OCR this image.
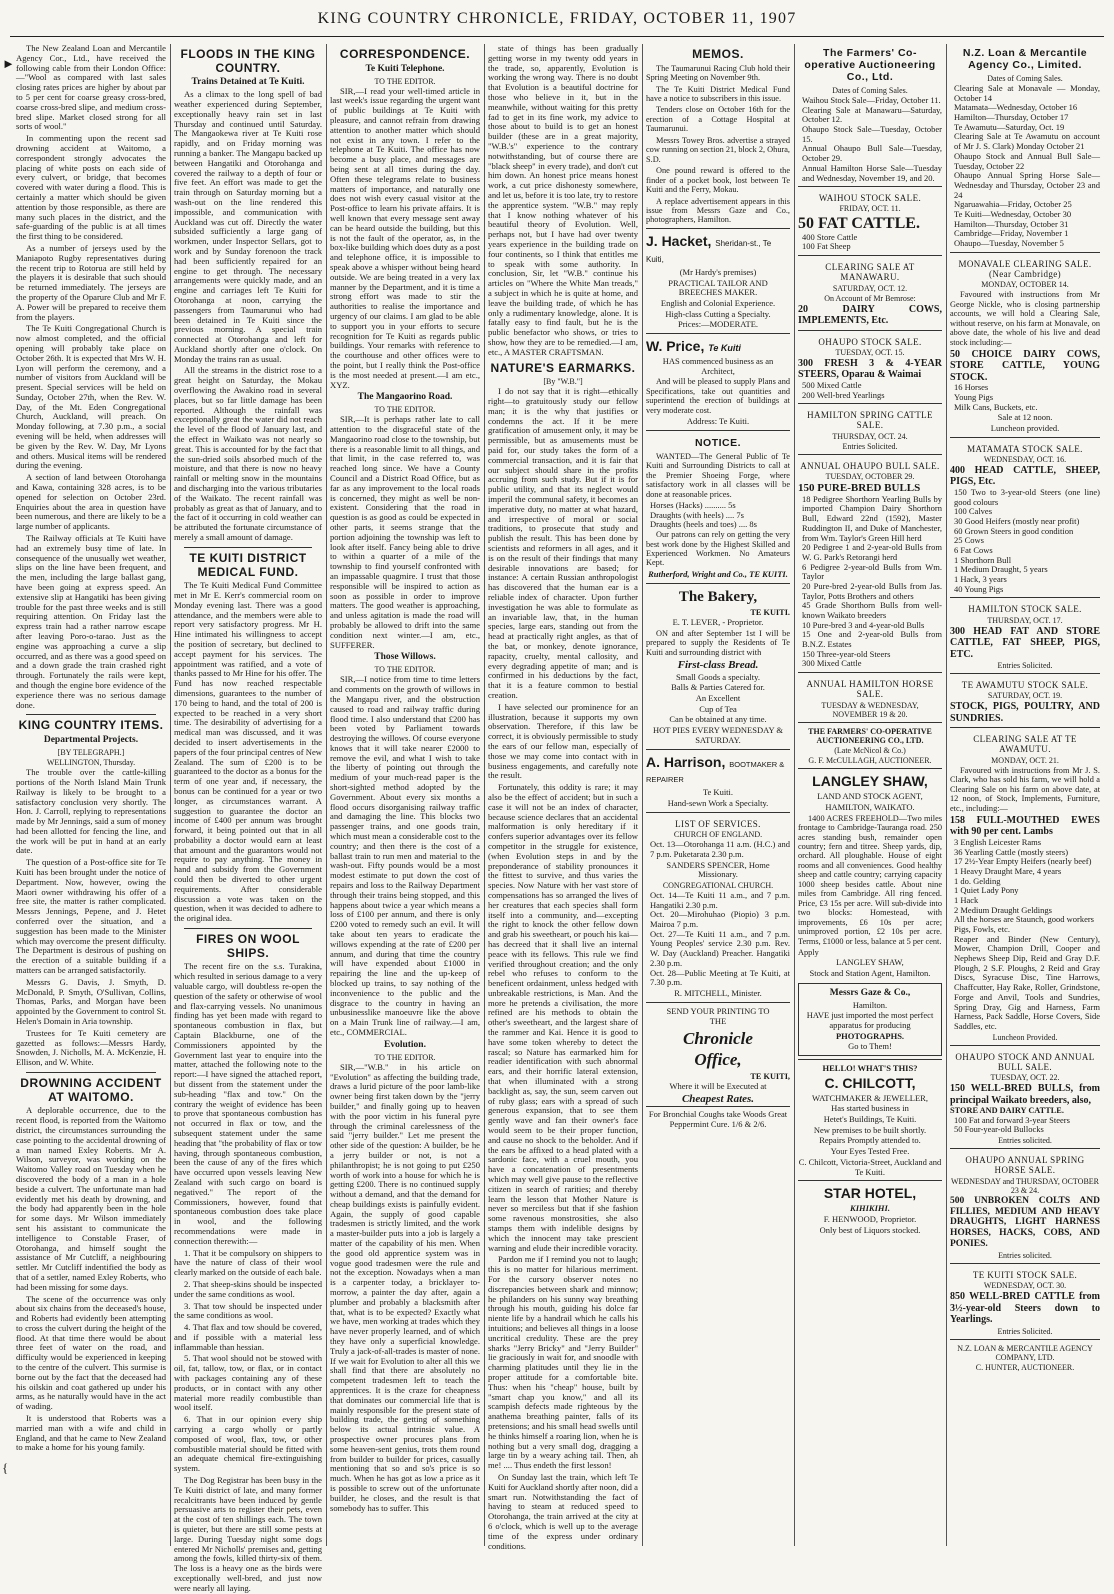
KING COUNTRY CHRONICLE, FRIDAY, OCTOBER 11, 1907
►
{

The New Zealand Loan and Mercantile Agency Cor., Ltd., have received the following cable from their London Office:—"Wool as compared with last sales closing rates prices are higher by about par to 5 per cent for coarse greasy cross-bred, coarse cross-bred slipe, and medium cross-bred slipe. Market closed strong for all sorts of wool."

In commenting upon the recent sad drowning accident at Waitomo, a correspondent strongly advocates the placing of white posts on each side of every culvert, or bridge, that becomes covered with water during a flood. This is certainly a matter which should be given attention by those responsible, as there are many such places in the district, and the safe-guarding of the public is at all times the first thing to be considered.

As a number of jerseys used by the Maniapoto Rugby representatives during the recent trip to Rotorua are still held by the players it is desirable that such should be returned immediately. The jerseys are the property of the Oparure Club and Mr F. A. Power will be prepared to receive them from the players.

The Te Kuiti Congregational Church is now almost completed, and the official opening will probably take place on October 26th. It is expected that Mrs W. H. Lyon will perform the ceremony, and a number of visitors from Auckland will be present. Special services will be held on Sunday, October 27th, when the Rev. W. Day, of the Mt. Eden Congregational Church, Auckland, will preach. On Monday following, at 7.30 p.m., a social evening will be held, when addresses will be given by the Rev. W. Day, Mr Lyons and others. Musical items will be rendered during the evening.

A section of land between Otorohanga and Kawa, containing 328 acres, is to be opened for selection on October 23rd. Enquiries about the area in question have been numerous, and there are likely to be a large number of applicants.

The Railway officials at Te Kuiti have had an extremely busy time of late. In consequence of the unusually wet weather, slips on the line have been frequent, and the men, including the large ballast gang, have been going at express speed. An extensive slip at Hangatiki has been giving trouble for the past three weeks and is still requiring attention. On Friday last the express train had a rather narrow escape after leaving Poro-o-tarao. Just as the engine was approaching a curve a slip occurred, and as there was a good speed on and a down grade the train crashed right through. Fortunately the rails were kept, and though the engine bore evidence of the experience there was no serious damage done.

KING COUNTRY ITEMS.
Departmental Projects.
[BY TELEGRAPH.]
WELLINGTON, Thursday.

The trouble over the cattle-killing portions of the North Island Main Trunk Railway is likely to be brought to a satisfactory conclusion very shortly. The Hon. J. Carroll, replying to representations made by Mr Jennings, said a sum of money had been allotted for fencing the line, and the work will be put in hand at an early date.

The question of a Post-office site for Te Kuiti has been brought under the notice of Department. Now, however, owing the Maori owner withdrawing his offer of a free site, the matter is rather complicated. Messrs Jennings, Pepene, and J. Hetet conferred over the situation, and a suggestion has been made to the Minister which may overcome the present difficulty. The Department is desirous of pushing on the erection of a suitable building if a matters can be arranged satisfactorily.

Messrs G. Davis, J. Smyth, D. McDonald, P. Smyth, O'Sullivan, Collins, Thomas, Parks, and Morgan have been appointed by the Government to control St. Helen's Domain in Aria township.

Trustees for Te Kuiti cemetery are gazetted as follows:—Messrs Hardy, Snowden, J. Nicholls, M. A. McKenzie, H. Ellison, and W. White.

DROWNING ACCIDENT AT WAITOMO.

A deplorable occurrence, due to the recent flood, is reported from the Waitomo district, the circumstances surrounding the case pointing to the accidental drowning of a man named Exley Roberts. Mr A. Wilson, surveyor, was working on the Waitomo Valley road on Tuesday when he discovered the body of a man in a hole beside a culvert. The unfortunate man had evidently met his death by drowning, and the body had apparently been in the hole for some days. Mr Wilson immediately sent his assistant to communicate the intelligence to Constable Fraser, of Otorohanga, and himself sought the assistance of Mr Cutcliff, a neighbouring settler. Mr Cutcliff indentified the body as that of a settler, named Exley Roberts, who had been missing for some days.

The scene of the occurrence was only about six chains from the deceased's house, and Roberts had evidently been attempting to cross the culvert during the height of the flood. At that time there would be about three feet of water on the road, and difficulty would be experienced in keeping to the centre of the culvert. This surmise is borne out by the fact that the deceased had his oilskin and coat gathered up under his arms, as he naturally would have in the act of wading.

It is understood that Roberts was a married man with a wife and child in England, and that he came to New Zealand to make a home for his young family.

FLOODS IN THE KING COUNTRY.
Trains Detained at Te Kuiti.

As a climax to the long spell of bad weather experienced during September, exceptionally heavy rain set in last Thursday and continued until Saturday. The Mangaokewa river at Te Kuiti rose rapidly, and on Friday morning was running a banker. The Mangapu backed up between Hangatiki and Otorohanga and covered the railway to a depth of four or five feet. An effort was made to get the train through on Saturday morning but a wash-out on the line rendered this impossible, and communication with Auckland was cut off. Directly the water subsided sufficiently a large gang of workmen, under Inspector Sellars, got to work and by Sunday forenoon the track had been sufficiently repaired for an engine to get through. The necessary arrangements were quickly made, and an engine and carriages left Te Kuiti for Otorohanga at noon, carrying the passengers from Taumarunui who had been detained in Te Kuiti since the previous morning. A special train connected at Otorohanga and left for Auckland shortly after one o'clock. On Monday the trains ran as usual.

All the streams in the district rose to a great height on Saturday, the Mokau overflowing the Awakino road in several places, but so far little damage has been reported. Although the rainfall was exceptionally great the water did not reach the level of the flood of January last, and the effect in Waikato was not nearly so great. This is accounted for by the fact that the sun-dried soils absorbed much of the moisture, and that there is now no heavy rainfall or melting snow in the mountains and discharging into the various tributaries of the Waikato. The recent rainfall was probably as great as that of January, and to the fact of it occurring in cold weather can be attributed the fortunate circumstance of merely a small amount of damage.

TE KUITI DISTRICT MEDICAL FUND.

The Te Kuiti Medical Fund Committee met in Mr E. Kerr's commercial room on Monday evening last. There was a good attendance, and the members were able to report very satisfactory progress. Mr H. Hine intimated his willingness to accept the position of secretary, but declined to accept payment for his services. The appointment was ratified, and a vote of thanks passed to Mr Hine for his offer. The Fund has now reached respectable dimensions, guarantees to the number of 170 being to hand, and the total of 200 is expected to be reached in a very short time. The desirability of advertising for a medical man was discussed, and it was decided to insert advertisements in the papers of the four principal centres of New Zealand. The sum of £200 is to be guaranteed to the doctor as a bonus for the term of one year and, if necessary, the bonus can be continued for a year or two longer, as circumstances warrant. A suggestion to guarantee the doctor an income of £400 per annum was brought forward, it being pointed out that in all probability a doctor would earn at least that amount and the guarantors would not require to pay anything. The money in hand and subsidy from the Government could then be diverted to other urgent requirements. After considerable discussion a vote was taken on the question, when it was decided to adhere to the original idea.

FIRES ON WOOL SHIPS.

The recent fire on the s.s. Turakina, which resulted in serious damage to a very valuable cargo, will doubtless re-open the question of the safety or otherwise of wool and flax-carrying vessels. No unanimous finding has yet been made with regard to spontaneous combustion in flax, but Captain Blackburne, one of the Commissioners appointed by the Government last year to enquire into the matter, attached the following note to the report:—I have signed the attached report, but dissent from the statement under the sub-heading "flax and tow." On the contrary the weight of evidence has been to prove that spontaneous combustion has not occurred in flax or tow, and the subsequent statement under the same heading that "the probability of flax or tow having, through spontaneous combustion, been the cause of any of the fires which have occurred upon vessels leaving New Zealand with such cargo on board is negatived." The report of the Commissioners, however, found that spontaneous combustion does take place in wool, and the following recommendations were made in connection therewith:—

1. That it be compulsory on shippers to have the nature of class of their wool clearly marked on the outside of each bale.

2. That sheep-skins should be inspected under the same conditions as wool.

3. That tow should be inspected under the same conditions as wool.

4. That flax and tow should be covered, and if possible with a material less inflammable than hessian.

5. That wool should not be stowed with oil, fat, tallow, tow, or flax, or in contact with packages containing any of these products, or in contact with any other material more readily combustible than wool itself.

6. That in our opinion every ship carrying a cargo wholly or partly composed of wool, flax, tow, or other combustible material should be fitted with an adequate chemical fire-extinguishing system.

The Dog Registrar has been busy in the Te Kuiti district of late, and many former recalcitrants have been induced by gentle persuasive arts to register their pets, even at the cost of ten shillings each. The town is quieter, but there are still some pests at large. During Tuesday night some dogs entered Mr Nicholls' premises and, getting among the fowls, killed thirty-six of them. The loss is a heavy one as the birds were exceptionally well-bred, and just now were nearly all laying.

CORRESPONDENCE.
Te Kuiti Telephone.
TO THE EDITOR.

SIR,—I read your well-timed article in last week's issue regarding the urgent want of public buildings at Te Kuiti with pleasure, and cannot refrain from drawing attention to another matter which should not exist in any town. I refer to the telephone at Te Kuiti. The office has now become a busy place, and messages are being sent at all times during the day. Often these telegrams relate to business matters of importance, and naturally one does not wish every casual visitor at the Post-office to learn his private affairs. It is well known that every message sent away can be heard outside the building, but this is not the fault of the operator, as, in the box-like building which does duty as a post and telephone office, it is impossible to speak above a whisper without being heard outside. We are being treated in a very lax manner by the Department, and it is time a strong effort was made to stir the authorities to realise the importance and urgency of our claims. I am glad to be able to support you in your efforts to secure recognition for Te Kuiti as regards public buildings. Your remarks with reference to the courthouse and other offices were to the point, but I really think the Post-office is the most needed at present.—I am etc., XYZ.

The Mangaorino Road.
TO THE EDITOR.

SIR,—It is perhaps rather late to call attention to the disgraceful state of the Mangaorino road close to the township, but there is a reasonable limit to all things, and that limit, in the case referred to, was reached long since. We have a County Council and a District Road Office, but as far as any improvement to the local roads is concerned, they might as well be non-existent. Considering that the road in question is as good as could be expected in other parts, it seems strange that the portion adjoining the township was left to look after itself. Fancy being able to drive to within a quarter of a mile of the township to find yourself confronted with an impassable quagmire. I trust that those responsible will be inspired to action as soon as possible in order to improve matters. The good weather is approaching, and unless agitation is made the road will probably be allowed to drift into the same condition next winter.—I am, etc., SUFFERER.

Those Willows.
TO THE EDITOR.

SIR,—I notice from time to time letters and comments on the growth of willows in the Mangapu river, and the obstruction caused to road and railway traffic during flood time. I also understand that £200 has been voted by Parliament towards destroying the willows. Of course everyone knows that it will take nearer £2000 to remove the evil, and what I wish to take the liberty of pointing out through the medium of your much-read paper is the short-sighted method adopted by the Government. About every six months a flood occurs disorganising railway traffic and damaging the line. This blocks two passenger trains, and one goods train, which must mean a considerable cost to the country; and then there is the cost of a ballast train to run men and material to the wash-out. Fifty pounds would be a most modest estimate to put down the cost of repairs and loss to the Railway Department through their trains being stopped, and this happens about twice a year which means a loss of £100 per annum, and there is only £200 voted to remedy such an evil. It will take about ten years to eradicate the willows expending at the rate of £200 per annum, and during that time the country will have expended about £1000 in repairing the line and the up-keep of blocked up trains, to say nothing of the inconvenience to the public and the disgrace to the country in having an unbusinesslike manoeuvre like the above on a Main Trunk line of railway.—I am, etc., COMMERCIAL.

Evolution.
TO THE EDITOR.

SIR,—"W.B." in his article on "Evolution" as affecting the building trade, draws a lurid picture of the poor lamb-like owner being first taken down by the "jerry builder," and finally going up to heaven with the poor victim in his funeral pyre through the criminal carelessness of the said "jerry builder." Let me present the other side of the question: A builder, be he a jerry builder or not, is not a philanthropist; he is not going to put £250 worth of work into a house for which he is getting £200. There is no continued supply without a demand, and that the demand for cheap buildings exists is painfully evident. Again, the supply of good capable tradesmen is strictly limited, and the work a master-builder puts into a job is largely a matter of the capability of his men. When the good old apprentice system was in vogue good tradesmen were the rule and not the exception. Nowadays when a man is a carpenter today, a bricklayer to-morrow, a painter the day after, again a plumber and probably a blacksmith after that, what is to be expected? Exactly what we have, men working at trades which they have never properly learned, and of which they have only a superficial knowledge. Truly a jack-of-all-trades is master of none. If we wait for Evolution to alter all this we shall find that there are absolutely no competent tradesmen left to teach the apprentices. It is the craze for cheapness that dominates our commercial life that is mainly responsible for the present state of building trade, the getting of something below its actual intrinsic value. A prospective owner procures plans from some heaven-sent genius, trots them round from builder to builder for prices, casually mentioning that so and so's price is so much. When he has got as low a price as it is possible to screw out of the unfortunate builder, he closes, and the result is that somebody has to suffer. This

state of things has been gradually getting worse in my twenty odd years in the trade, so, apparently, Evolution is working the wrong way. There is no doubt that Evolution is a beautiful doctrine for those who believe in it, but in the meanwhile, without waiting for this pretty fad to get in its fine work, my advice to those about to build is to get an honest builder (these are in a great majority, "W.B.'s" experience to the contrary notwithstanding, but of course there are "black sheep" in every trade), and don't cut him down. An honest price means honest work, a cut price dishonesty somewhere, and let us, before it is too late, try to restore the apprentice system. "W.B." may reply that I know nothing whatever of his beautiful theory of Evolution. Well, perhaps not, but I have had over twenty years experience in the building trade on four continents, so I think that entitles me to speak with some authority. In conclusion, Sir, let "W.B." continue his articles on "Where the White Man treads," a subject in which he is quite at home, and leave the building trade, of which he has only a rudimentary knowledge, alone. It is fatally easy to find fault, but he is the public benefactor who shows, or tries to show, how they are to be remedied.—I am, etc., A MASTER CRAFTSMAN.

NATURE'S EARMARKS.
[By "W.B."]

I do not say that it is right—ethically right—to gratuitously study our fellow man; it is the why that justifies or condemns the act. If it be mere gratification of amusement only, it may be permissible, but as amusements must be paid for, our study takes the form of a commercial transaction, and it is fair that our subject should share in the profits accruing from such study. But if it is for public utility, and that its neglect would imperil the communal safety, it becomes an imperative duty, no matter at what hazard, and irrespective of moral or social traditions, to prosecute that study and publish the result. This has been done by scientists and reformers in all ages, and it is on the result of their findings that many desirable innovations are based; for instance: A certain Russian anthropologist has discovered that the human ear is a reliable index of character. Upon further investigation he was able to formulate as an invariable law, that, in the human species, large ears, standing out from the head at practically right angles, as that of the bat, or monkey, denote ignorance, rapacity, cruelty, mental callosity, and every degrading appetite of man; and is confirmed in his deductions by the fact, that it is a feature common to bestial creation.

I have selected our prominence for an illustration, because it supports my own observation. Therefore, if this law be correct, it is obviously permissible to study the ears of our fellow man, especially of those we may come into contact with in business engagements, and carefully note the result.

Fortunately, this oddity is rare; it may also be the effect of accident; but in such a case it will not be an index of character, because science declares that an accidental malformation is only hereditary if it confers superior advantages over its fellow competitor in the struggle for existence, (when Evolution steps in and by the preponderance of stability pronounces it the fittest to survive, and thus varies the species. Now Nature with her vast store of compensations has so arranged the lives of her creatures that each species shall form itself into a community, and—excepting the right to knock the other fellow down and grab his sweetheart, or pouch his kai—has decreed that it shall live an internal peace with its fellows. This rule we find verified throughout creation; and the only rebel who refuses to conform to the beneficent ordainment, unless hedged with unbreakable restrictions, is Man. And the more he pretends a civilisation, the more refined are his methods to obtain the other's sweetheart, and the largest share of the rammer and Kai. Hence it is good to have some token whereby to detect the rascal; so Nature has earmarked him for readier identification with such abnormal ears, and their horrific lateral extension, that when illuminated with a strong backlight as, say, the sun, seem carven out of ruby glass; ears with a spread of such generous expansion, that to see them gently wave and fan their owner's face would seem to be their proper function, and cause no shock to the beholder. And if the ears be affixed to a head plated with a sardonic face, with a cruel mouth, you have a concatenation of presentments which may well give pause to the reflective citizen in search of rarities; and thereby learn the lesson that Mother Nature is never so merciless but that if she fashion some ravenous monstrosities, she also stamps them with indelible designs by which the innocent may take prescient warning and elude their incredible voracity.

Pardon me if I remind you not to laugh; this is no matter for hilarious merriment. For the cursory observer notes no discrepancies between shark and minnow; he philanders on his sunny way breathing through his mouth, guiding his dolce far niente life by a handrail which he calls his intuitions; and believes all things in a loose uncritical credulity. These are the prey sharks "Jerry Bricky" and "Jerry Builder" lie graciously in wait for, and snoodle with charming platitudes until they lie in the proper attitude for a comfortable bite. Thus: when his "cheap" house, built by "smart chap you know," and all its scampish defects made righteous by the anathema breathing painter, falls of its pretensions; and his small head swells until he thinks himself a roaring lion, when he is nothing but a very small dog, dragging a large tin by a weary aching tail. Then, ah me! .... Thus endeth the first lesson!

On Sunday last the train, which left Te Kuiti for Auckland shortly after noon, did a smart run. Notwithstanding the fact of having to steam at reduced speed to Otorohanga, the train arrived at the city at 6 o'clock, which is well up to the average time of the express under ordinary conditions.

MEMOS.

The Taumarunui Racing Club hold their Spring Meeting on November 9th.

The Te Kuiti District Medical Fund have a notice to subscribers in this issue.

Tenders close on October 16th for the erection of a Cottage Hospital at Taumarunui.

Messrs Towey Bros. advertise a strayed cow running on section 21, block 2, Ohura, S.D.

One pound reward is offered to the finder of a pocket book, lost between Te Kuiti and the Ferry, Mokau.

A replace advertisement appears in this issue from Messrs Gaze and Co., photographers, Hamilton.

J. Hacket, Sheridan-st., Te Kuiti,
(Mr Hardy's premises)
PRACTICAL TAILOR AND BREECHES MAKER.
English and Colonial Experience.
High-class Cutting a Specialty.
Prices:—MODERATE.
W. Price, Te Kuiti
HAS commenced business as an Architect,

And will be pleased to supply Plans and Specifications, take out quantities and superintend the erection of buildings at very moderate cost.

Address: Te Kuiti.
NOTICE.

WANTED—The General Public of Te Kuiti and Surrounding Districts to call at the Premier Shoeing Forge, where satisfactory work in all classes will be done at reasonable prices.

Horses (Hacks) .......... 5s
Draughts (with heels) .... 7s
Draughts (heels and toes) .... 8s

Our patrons can rely on getting the very best work done by the Highest Skilled and Experienced Workmen. No Amateurs Kept.

Rutherford, Wright and Co., TE KUITI.
The Bakery,
TE KUITI.
E. T. LEVER, - Proprietor.

ON and after September 1st I will be prepared to supply the Residents of Te Kuiti and surrounding district with

First-class Bread.
Small Goods a specialty.
Balls & Parties Catered for.
An Excellent
Cup of Tea
Can be obtained at any time.
HOT PIES EVERY WEDNESDAY & SATURDAY.
A. Harrison, BOOTMAKER & REPAIRER
Te Kuiti.
Hand-sewn Work a Specialty.
LIST OF SERVICES.
CHURCH OF ENGLAND.
Oct. 13—Otorohanga 11 a.m. (H.C.) and 7 p.m. Puketarata 2.30 p.m.
SANDERS SPENCER, Home Missionary.
CONGREGATIONAL CHURCH.
Oct. 14—Te Kuiti 11 a.m., and 7 p.m. Hangatiki 2.30 p.m.
Oct. 20—Mirohuhao (Piopio) 3 p.m. Mairoa 7 p.m.
Oct. 27—Te Kuiti 11 a.m., and 7 p.m. Young Peoples' service 2.30 p.m. Rev. W. Day (Auckland) Preacher. Hangatiki 2.30 p.m.
Oct. 28—Public Meeting at Te Kuiti, at 7.30 p.m.
R. MITCHELL, Minister.
SEND YOUR PRINTING TO
THE
Chronicle
Office,
TE KUITI,
Where it will be Executed at
Cheapest Rates.
For Bronchial Coughs take Woods Great Peppermint Cure. 1/6 & 2/6.
The Farmers' Co-operative Auctioneering Co., Ltd.
Dates of Coming Sales.
Waihou Stock Sale—Friday, October 11.
Clearing Sale at Manawaru—Saturday, October 12.
Ohaupo Stock Sale—Tuesday, October 15.
Annual Ohaupo Bull Sale—Tuesday, October 29.
Annual Hamilton Horse Sale—Tuesday and Wednesday, November 19, and 20.
WAIHOU STOCK SALE.
FRIDAY, OCT. 11.
50 FAT CATTLE.
400 Store Cattle
100 Fat Sheep
CLEARING SALE AT MANAWARU.
SATURDAY, OCT. 12.
On Account of Mr Bemrose:
20 DAIRY COWS, IMPLEMENTS, Etc.
OHAUPO STOCK SALE.
TUESDAY, OCT. 15.
300 FRESH 3 & 4-YEAR STEERS, Oparau & Waimai
500 Mixed Cattle
200 Well-bred Yearlings
HAMILTON SPRING CATTLE SALE.
THURSDAY, OCT. 24.
Entries Solicited.
ANNUAL OHAUPO BULL SALE.
TUESDAY, OCTOBER 29.
150 PURE-BRED BULLS
18 Pedigree Shorthorn Yearling Bulls by imported Champion Dairy Shorthorn Bull, Edward 22nd (1592), Master Ruddington II, and Duke of Manchester, from Wm. Taylor's Green Hill herd
20 Pedigree 1 and 2-year-old Bulls from W. G. Park's Retorangi herd
6 Pedigree 2-year-old Bulls from Wm. Taylor
20 Pure-bred 2-year-old Bulls from Jas. Taylor, Potts Brothers and others
45 Grade Shorthorn Bulls from well-known Waikato breeders
10 Pure-bred 3 and 4-year-old Bulls
15 One and 2-year-old Bulls from B.N.Z. Estates
150 Three-year-old Steers
300 Mixed Cattle
ANNUAL HAMILTON HORSE SALE.
TUESDAY & WEDNESDAY, NOVEMBER 19 & 20.
THE FARMERS' CO-OPERATIVE AUCTIONEERING CO., LTD.
(Late McNicol & Co.)
G. F. McCULLAGH, AUCTIONEER.
LANGLEY SHAW,
LAND AND STOCK AGENT,
HAMILTON, WAIKATO.

1400 ACRES FREEHOLD—Two miles frontage to Cambridge-Tauranga road. 250 acres standing bush, remainder open country; fern and titree. Sheep yards, dip, orchard. All ploughable. House of eight rooms and all conveniences. Good healthy sheep and cattle country; carrying capacity 1000 sheep besides cattle. About nine miles from Cambridge. All ring fenced. Price, £3 15s per acre. Will sub-divide into two blocks: Homestead, with improvements, £6 10s per acre; unimproved portion, £2 10s per acre. Terms, £1000 or less, balance at 5 per cent.

Apply
LANGLEY SHAW,
Stock and Station Agent, Hamilton.
Messrs Gaze & Co.,
Hamilton.
HAVE just imported the most perfect apparatus for producing
PHOTOGRAPHS.
Go to Them!
HELLO! WHAT'S THIS?
C. CHILCOTT,
WATCHMAKER & JEWELLER,
Has started business in
Hetet's Buildings, Te Kuiti.
New premises to be built shortly.
Repairs Promptly attended to.
Your Eyes Tested Free.
C. Chilcott, Victoria-Street, Auckland and Te Kuiti.
STAR HOTEL,
KIHIKIHI.
F. HENWOOD, Proprietor.
Only best of Liquors stocked.
N.Z. Loan & Mercantile Agency Co., Limited.
Dates of Coming Sales.
Clearing Sale at Monavale — Monday, October 14
Matamata—Wednesday, October 16
Hamilton—Thursday, October 17
Te Awamutu—Saturday, Oct. 19
Clearing Sale at Te Awamutu on account of Mr J. S. Clark) Monday October 21
Ohaupo Stock and Annual Bull Sale—Tuesday, October 22
Ohaupo Annual Spring Horse Sale—Wednesday and Thursday, October 23 and 24
Ngaruawahia—Friday, October 25
Te Kuiti—Wednesday, October 30
Hamilton—Thursday, October 31
Cambridge—Friday, November 1
Ohaupo—Tuesday, November 5
MONAVALE CLEARING SALE. (Near Cambridge)
MONDAY, OCTOBER 14.

Favoured with instructions from Mr George Nickle, who is closing partnership accounts, we will hold a Clearing Sale, without reserve, on his farm at Monavale, on above date, the whole of his live and dead stock including:—

50 CHOICE DAIRY COWS, STORE CATTLE, YOUNG STOCK.
16 Horses
Young Pigs
Milk Cans, Buckets, etc.
Sale at 12 noon.
Luncheon provided.
MATAMATA STOCK SALE.
WEDNESDAY, OCT. 16.
400 HEAD CATTLE, SHEEP, PIGS, Etc.
150 Two to 3-year-old Steers (one line) good colours
100 Calves
30 Good Heifers (mostly near profit)
60 Grown Steers in good condition
25 Cows
6 Fat Cows
1 Shorthorn Bull
1 Medium Draught, 5 years
1 Hack, 3 years
40 Young Pigs
HAMILTON STOCK SALE.
THURSDAY, OCT. 17.
300 HEAD FAT AND STORE CATTLE, FAT SHEEP, PIGS, ETC.
Entries Solicited.
TE AWAMUTU STOCK SALE.
SATURDAY, OCT. 19.
STOCK, PIGS, POULTRY, AND SUNDRIES.
CLEARING SALE AT TE AWAMUTU.
MONDAY, OCT. 21.

Favoured with instructions from Mr J. S. Clark, who has sold his farm, we will hold a Clearing Sale on his farm on above date, at 12 noon, of Stock, Implements, Furniture, etc., including:—

158 FULL-MOUTHED EWES with 90 per cent. Lambs
3 English Leicester Rams
36 Yearling Cattle (mostly steers)
17 2½-Year Empty Heifers (nearly beef)
1 Heavy Draught Mare, 4 years
1 do. Gelding
1 Quiet Lady Pony
1 Hack
2 Medium Draught Geldings
All the horses are Staunch, good workers
Pigs, Fowls, etc.
Reaper and Binder (New Century), Mower, Champion Drill, Cooper and Nephews Sheep Dip, Reid and Gray D.F. Plough, 2 S.F. Ploughs, 2 Reid and Gray Discs, Syracuse Disc, Tine Harrows, Chaffcutter, Hay Rake, Roller, Grindstone, Forge and Anvil, Tools and Sundries, Spring Dray, Gig and Harness, Farm Harness, Pack Saddle, Horse Covers, Side Saddles, etc.
Luncheon Provided.
OHAUPO STOCK AND ANNUAL BULL SALE.
TUESDAY, OCT. 22.
150 WELL-BRED BULLS, from principal Waikato breeders, also,
STORE AND DAIRY CATTLE.
100 Fat and forward 3-year Steers
50 Four-year-old Bullocks
Entries solicited.
OHAUPO ANNUAL SPRING HORSE SALE.
WEDNESDAY and THURSDAY, OCTOBER 23 & 24.
500 UNBROKEN COLTS AND FILLIES, MEDIUM AND HEAVY DRAUGHTS, LIGHT HARNESS HORSES, HACKS, COBS, AND PONIES.
Entries solicited.
TE KUITI STOCK SALE.
WEDNESDAY, OCT. 30.
850 WELL-BRED CATTLE from 3½-year-old Steers down to Yearlings.
Entries Solicited.
N.Z. LOAN & MERCANTILE AGENCY COMPANY, LTD.
C. HUNTER, AUCTIONEER.
